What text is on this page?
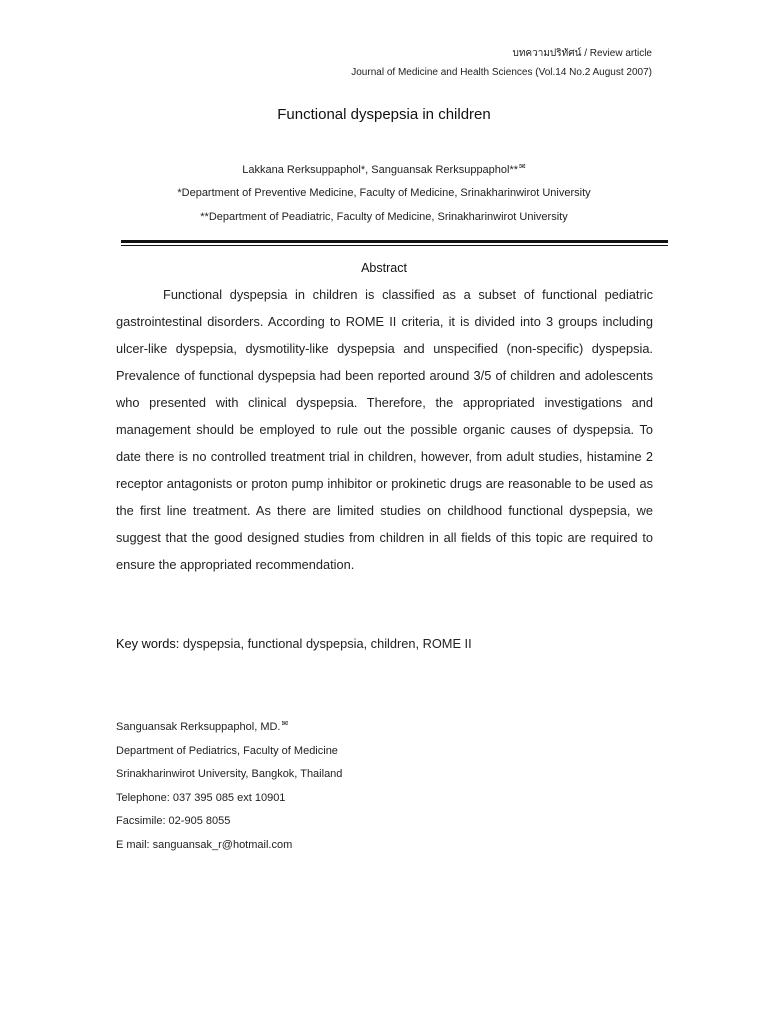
บทความปริทัศน์ / Review article
Journal of Medicine and Health Sciences (Vol.14 No.2 August 2007)
Functional dyspepsia in children
Lakkana Rerksuppaphol*, Sanguansak Rerksuppaphol**✉
*Department of Preventive Medicine, Faculty of Medicine, Srinakharinwirot University
**Department of Peadiatric, Faculty of Medicine, Srinakharinwirot University
Abstract
Functional dyspepsia in children is classified as a subset of functional pediatric gastrointestinal disorders. According to ROME II criteria, it is divided into 3 groups including ulcer-like dyspepsia, dysmotility-like dyspepsia and unspecified (non-specific) dyspepsia. Prevalence of functional dyspepsia had been reported around 3/5 of children and adolescents who presented with clinical dyspepsia. Therefore, the appropriated investigations and management should be employed to rule out the possible organic causes of dyspepsia. To date there is no controlled treatment trial in children, however, from adult studies, histamine 2 receptor antagonists or proton pump inhibitor or prokinetic drugs are reasonable to be used as the first line treatment. As there are limited studies on childhood functional dyspepsia, we suggest that the good designed studies from children in all fields of this topic are required to ensure the appropriated recommendation.
Key words: dyspepsia, functional dyspepsia, children, ROME II
Sanguansak Rerksuppaphol, MD.✉
Department of Pediatrics, Faculty of Medicine
Srinakharinwirot University, Bangkok, Thailand
Telephone: 037 395 085 ext 10901
Facsimile: 02-905 8055
E mail: sanguansak_r@hotmail.com
